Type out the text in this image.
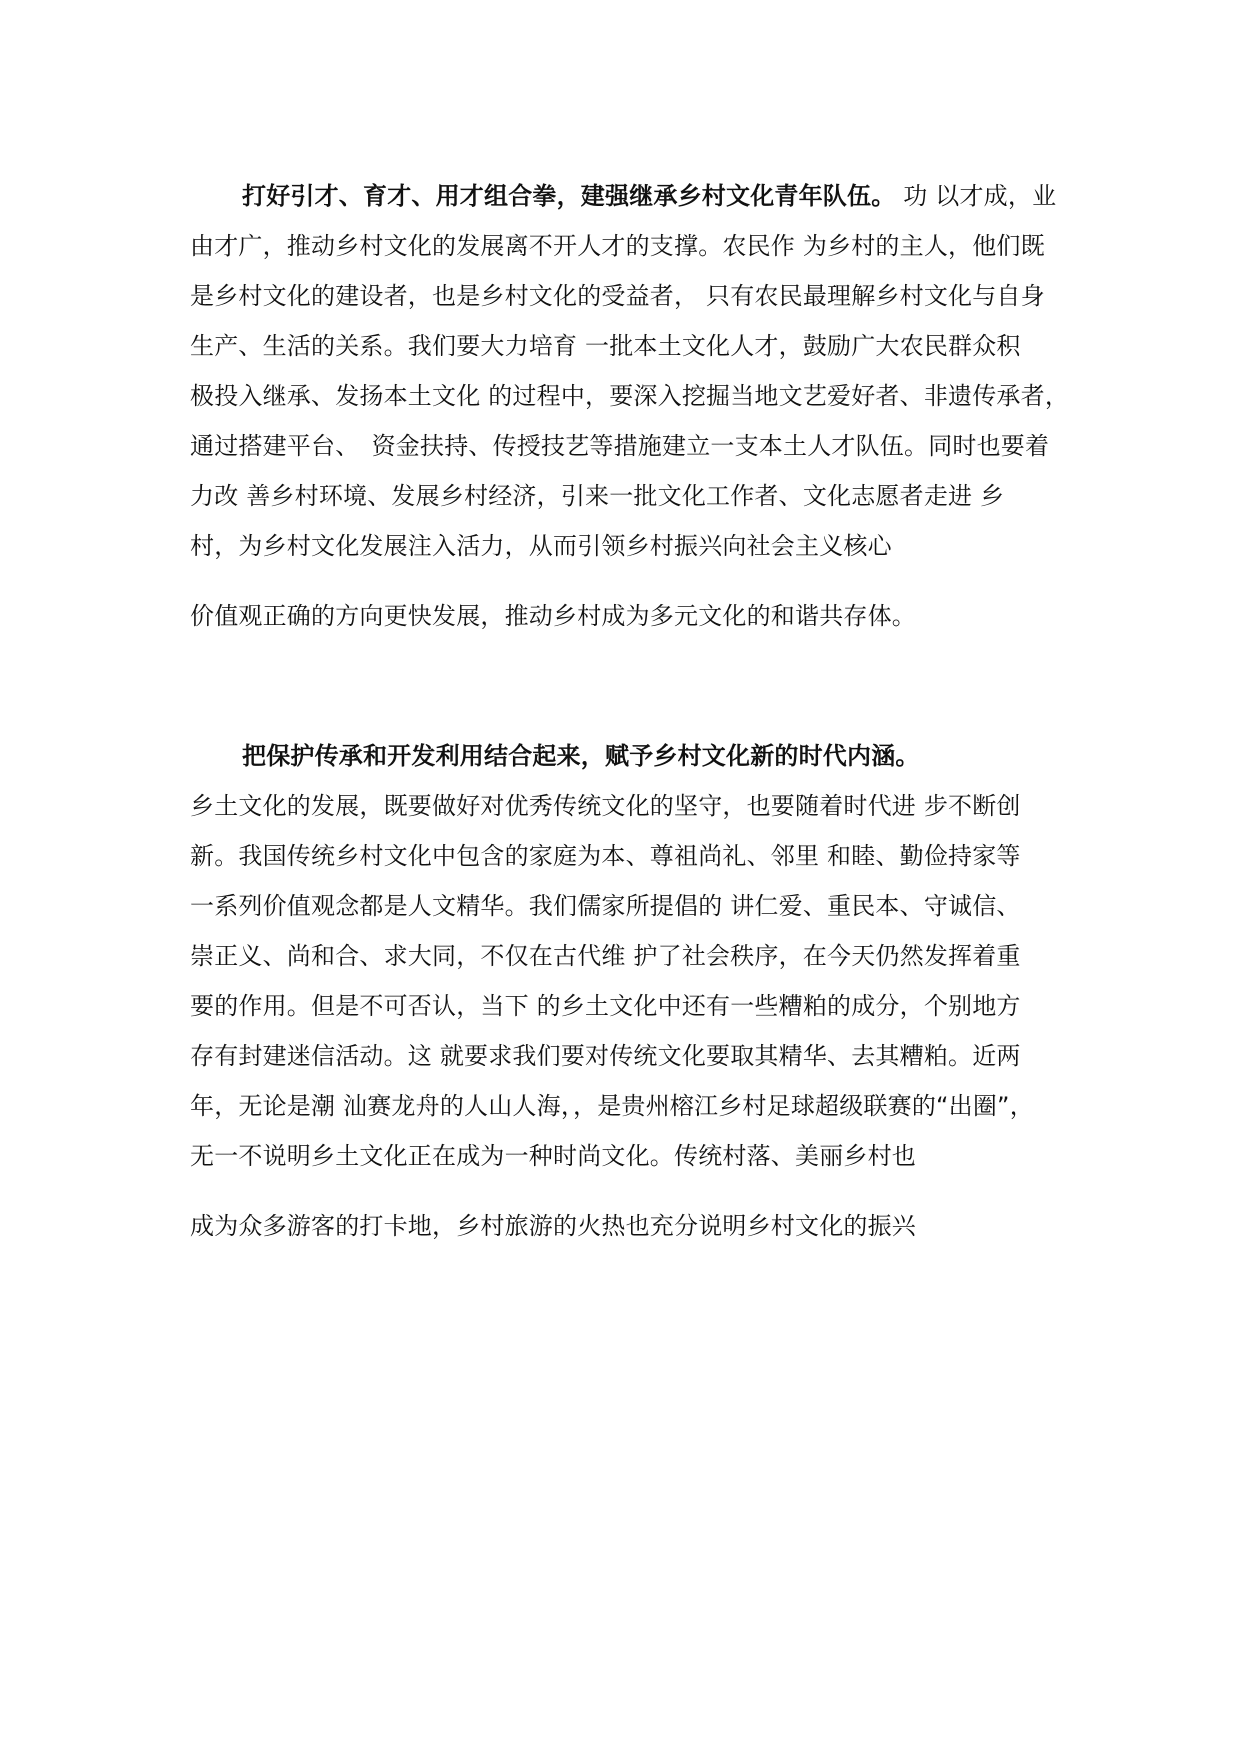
打好引才、育才、用才组合拳，建强继承乡村文化青年队伍。 功 以才成，业
由才广，推动乡村文化的发展离不开人才的支撑。农民作 为乡村的主人，他们既
是乡村文化的建设者，也是乡村文化的受益者， 只有农民最理解乡村文化与自身
生产、生活的关系。我们要大力培育 一批本土文化人才，鼓励广大农民群众积
极投入继承、发扬本土文化 的过程中，要深入挖掘当地文艺爱好者、非遗传承者，
通过搭建平台、　资金扶持、传授技艺等措施建立一支本土人才队伍。同时也要着
力改 善乡村环境、发展乡村经济，引来一批文化工作者、文化志愿者走进 乡
村，为乡村文化发展注入活力，从而引领乡村振兴向社会主义核心
价值观正确的方向更快发展，推动乡村成为多元文化的和谐共存体。
把保护传承和开发利用结合起来，赋予乡村文化新的时代内涵。
乡土文化的发展，既要做好对优秀传统文化的坚守，也要随着时代进 步不断创
新。我国传统乡村文化中包含的家庭为本、尊祖尚礼、邻里 和睦、勤俭持家等
一系列价值观念都是人文精华。我们儒家所提倡的 讲仁爱、重民本、守诚信、
崇正义、尚和合、求大同，不仅在古代维 护了社会秩序，在今天仍然发挥着重
要的作用。但是不可否认，当下 的乡土文化中还有一些糟粕的成分，个别地方
存有封建迷信活动。这 就要求我们要对传统文化要取其精华、去其糟粕。近两
年，无论是潮 汕赛龙舟的人山人海，，是贵州榕江乡村足球超级联赛的“出圈”，
无一不说明乡土文化正在成为一种时尚文化。传统村落、美丽乡村也
成为众多游客的打卡地，乡村旅游的火热也充分说明乡村文化的振兴
